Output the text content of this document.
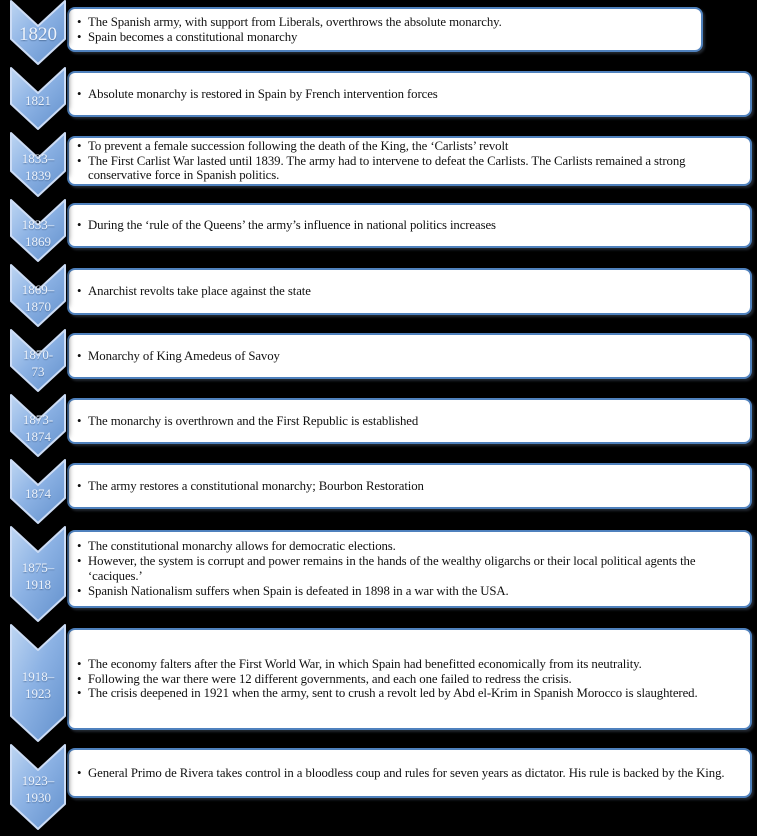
1820
• The Spanish army, with support from Liberals, overthrows the absolute monarchy.
• Spain becomes a constitutional monarchy
1821 • Absolute monarchy is restored in Spain by French intervention forces
1833–
1839
• To prevent a female succession following the death of the King, the ‘Carlists’ revolt
• The First Carlist War lasted until 1839. The army had to intervene to defeat the Carlists. The Carlists remained a strong conservative force in Spanish politics.
1833–
1869
• During the ‘rule of the Queens’ the army’s influence in national politics increases
1869–
1870
• Anarchist revolts take place against the state
1870-
73
• Monarchy of King Amedeus of Savoy
1873-
1874
• The monarchy is overthrown and the First Republic is established
1874
• The army restores a constitutional monarchy; Bourbon Restoration
1875–
1918
• The constitutional monarchy allows for democratic elections.
• However, the system is corrupt and power remains in the hands of the wealthy oligarchs or their local political agents the ‘caciques.’
• Spanish Nationalism suffers when Spain is defeated in 1898 in a war with the USA.
1918–
1923
• The economy falters after the First World War, in which Spain had benefitted economically from its neutrality.
• Following the war there were 12 different governments, and each one failed to redress the crisis.
• The crisis deepened in 1921 when the army, sent to crush a revolt led by Abd el-Krim in Spanish Morocco is slaughtered.
1923–
1930
• General Primo de Rivera takes control in a bloodless coup and rules for seven years as dictator. His rule is backed by the King.
